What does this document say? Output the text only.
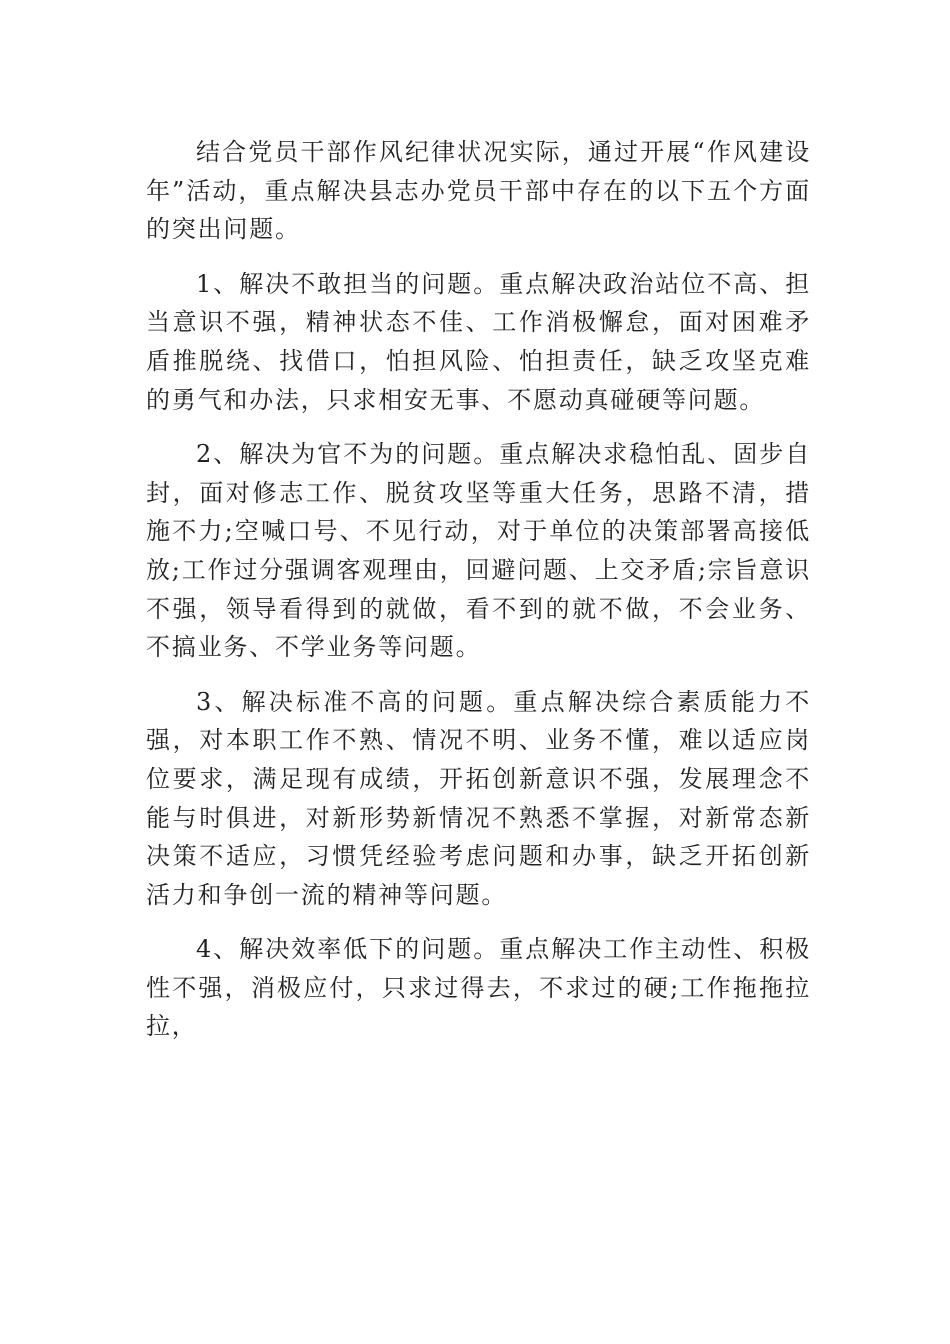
结合党员干部作风纪律状况实际，通过开展“作风建设年”活动，重点解决县志办党员干部中存在的以下五个方面的突出问题。

1、解决不敢担当的问题。重点解决政治站位不高、担当意识不强，精神状态不佳、工作消极懈怠，面对困难矛盾推脱绕、找借口，怕担风险、怕担责任，缺乏攻坚克难的勇气和办法，只求相安无事、不愿动真碰硬等问题。

2、解决为官不为的问题。重点解决求稳怕乱、固步自封，面对修志工作、脱贫攻坚等重大任务，思路不清，措施不力;空喊口号、不见行动，对于单位的决策部署高接低放;工作过分强调客观理由，回避问题、上交矛盾;宗旨意识不强，领导看得到的就做，看不到的就不做，不会业务、不搞业务、不学业务等问题。

3、解决标准不高的问题。重点解决综合素质能力不强，对本职工作不熟、情况不明、业务不懂，难以适应岗位要求，满足现有成绩，开拓创新意识不强，发展理念不能与时俱进，对新形势新情况不熟悉不掌握，对新常态新决策不适应，习惯凭经验考虑问题和办事，缺乏开拓创新活力和争创一流的精神等问题。

4、解决效率低下的问题。重点解决工作主动性、积极性不强，消极应付，只求过得去，不求过的硬;工作拖拖拉拉，
